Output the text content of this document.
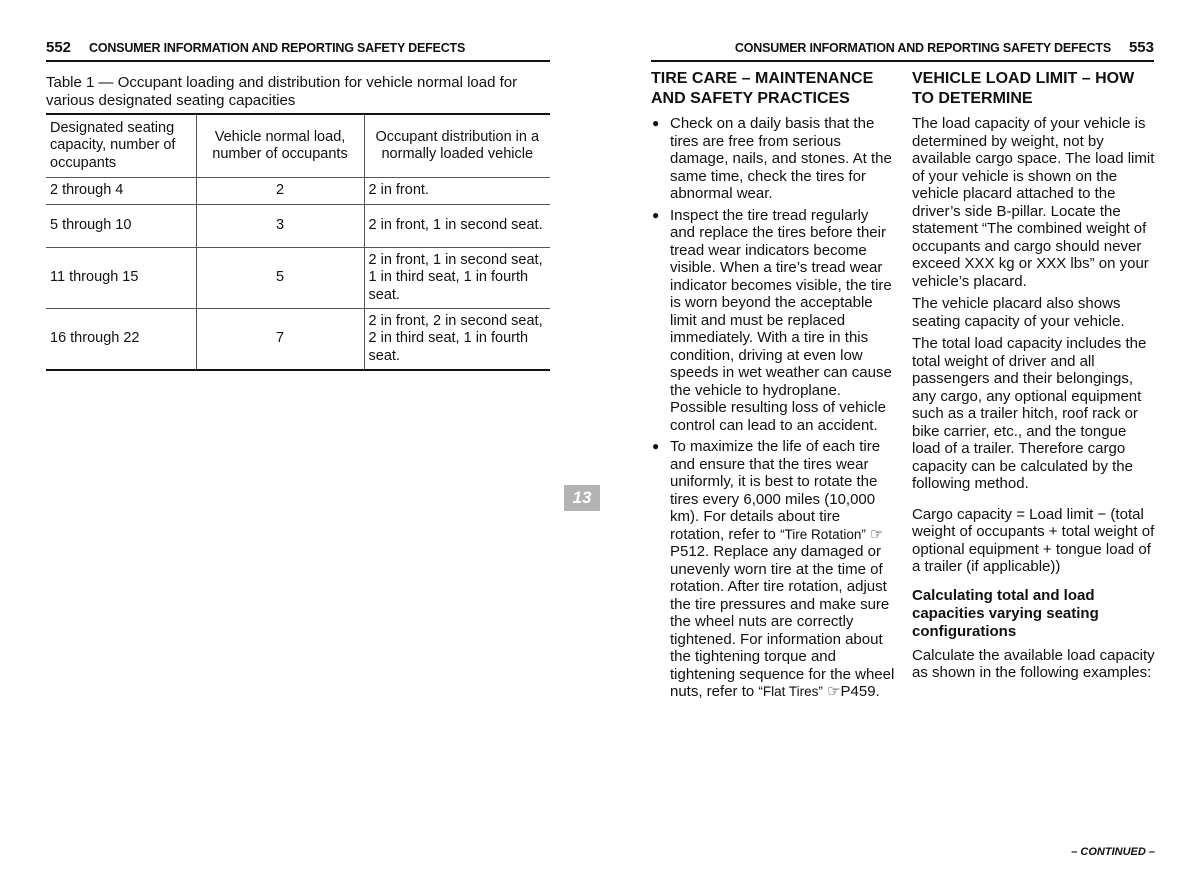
552 CONSUMER INFORMATION AND REPORTING SAFETY DEFECTS
Table 1 — Occupant loading and distribution for vehicle normal load for various designated seating capacities
Designated seating capacity, number of occupants	Vehicle normal load, number of occupants	Occupant distribution in a normally loaded vehicle
2 through 4	2	2 in front.
5 through 10	3	2 in front, 1 in second seat.
11 through 15	5	2 in front, 1 in second seat, 1 in third seat, 1 in fourth seat.
16 through 22	7	2 in front, 2 in second seat, 2 in third seat, 1 in fourth seat.
CONSUMER INFORMATION AND REPORTING SAFETY DEFECTS 553
TIRE CARE – MAINTENANCE AND SAFETY PRACTICES
● Check on a daily basis that the tires are free from serious damage, nails, and stones. At the same time, check the tires for abnormal wear.
● Inspect the tire tread regularly and replace the tires before their tread wear indicators become visible. When a tire’s tread wear indicator becomes visible, the tire is worn beyond the acceptable limit and must be replaced immediately. With a tire in this condition, driving at even low speeds in wet weather can cause the vehicle to hydroplane. Possible resulting loss of vehicle control can lead to an accident.
● To maximize the life of each tire and ensure that the tires wear uniformly, it is best to rotate the tires every 6,000 miles (10,000 km). For details about tire rotation, refer to “Tire Rotation” ☞P512. Replace any damaged or unevenly worn tire at the time of rotation. After tire rotation, adjust the tire pressures and make sure the wheel nuts are correctly tightened. For information about the tightening torque and tightening sequence for the wheel nuts, refer to “Flat Tires” ☞P459.
VEHICLE LOAD LIMIT – HOW TO DETERMINE

The load capacity of your vehicle is determined by weight, not by available cargo space. The load limit of your vehicle is shown on the vehicle placard attached to the driver’s side B-pillar. Locate the statement “The combined weight of occupants and cargo should never exceed XXX kg or XXX lbs” on your vehicle’s placard.

The vehicle placard also shows seating capacity of your vehicle.

The total load capacity includes the total weight of driver and all passengers and their belongings, any cargo, any optional equipment such as a trailer hitch, roof rack or bike carrier, etc., and the tongue load of a trailer. Therefore cargo capacity can be calculated by the following method.

Cargo capacity = Load limit − (total weight of occupants + total weight of optional equipment + tongue load of a trailer (if applicable))

Calculating total and load capacities varying seating configurations

Calculate the available load capacity as shown in the following examples:

– CONTINUED –
13
